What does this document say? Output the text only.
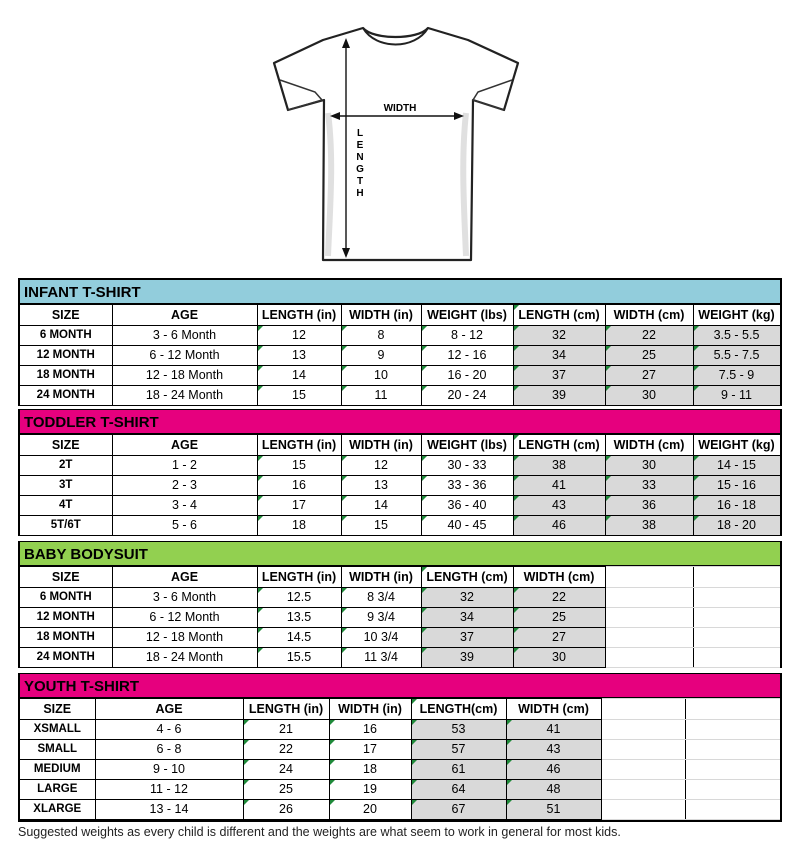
WIDTH
LENGTH
INFANT T-SHIRT
SIZE	AGE	LENGTH (in)	WIDTH (in)	WEIGHT (lbs)	LENGTH (cm)	WIDTH (cm)	WEIGHT (kg)
6 MONTH	3 - 6 Month	12	8	8 - 12	32	22	3.5 - 5.5

12 MONTH	6 - 12 Month	13	9	12 - 16	34	25	5.5 - 7.5

18 MONTH	12 - 18 Month	14	10	16 - 20	37	27	7.5 - 9

24 MONTH	18 - 24 Month	15	11	20 - 24	39	30	9 - 11
TODDLER T-SHIRT
SIZE	AGE	LENGTH (in)	WIDTH (in)	WEIGHT (lbs)	LENGTH (cm)	WIDTH (cm)	WEIGHT (kg)
2T	1 - 2	15	12	30 - 33	38	30	14 - 15

3T	2 - 3	16	13	33 - 36	41	33	15 - 16

4T	3 - 4	17	14	36 - 40	43	36	16 - 18

5T/6T	5 - 6	18	15	40 - 45	46	38	18 - 20
BABY BODYSUIT
SIZE	AGE	LENGTH (in)	WIDTH (in)	LENGTH (cm)	WIDTH (cm)		
6 MONTH	3 - 6 Month	12.5	8 3/4	32	22

12 MONTH	6 - 12 Month	13.5	9 3/4	34	25

18 MONTH	12 - 18 Month	14.5	10 3/4	37	27

24 MONTH	18 - 24 Month	15.5	11 3/4	39	30

YOUTH T-SHIRT
SIZE	AGE	LENGTH (in)	WIDTH (in)	LENGTH(cm)	WIDTH (cm)		
XSMALL	4 - 6	21	16	53	41

SMALL	6 - 8	22	17	57	43

MEDIUM	9 - 10	24	18	61	46

LARGE	11 - 12	25	19	64	48

XLARGE	13 - 14	26	20	67	51

Suggested weights as every child is different and the weights are what seem to work in general for most kids.
